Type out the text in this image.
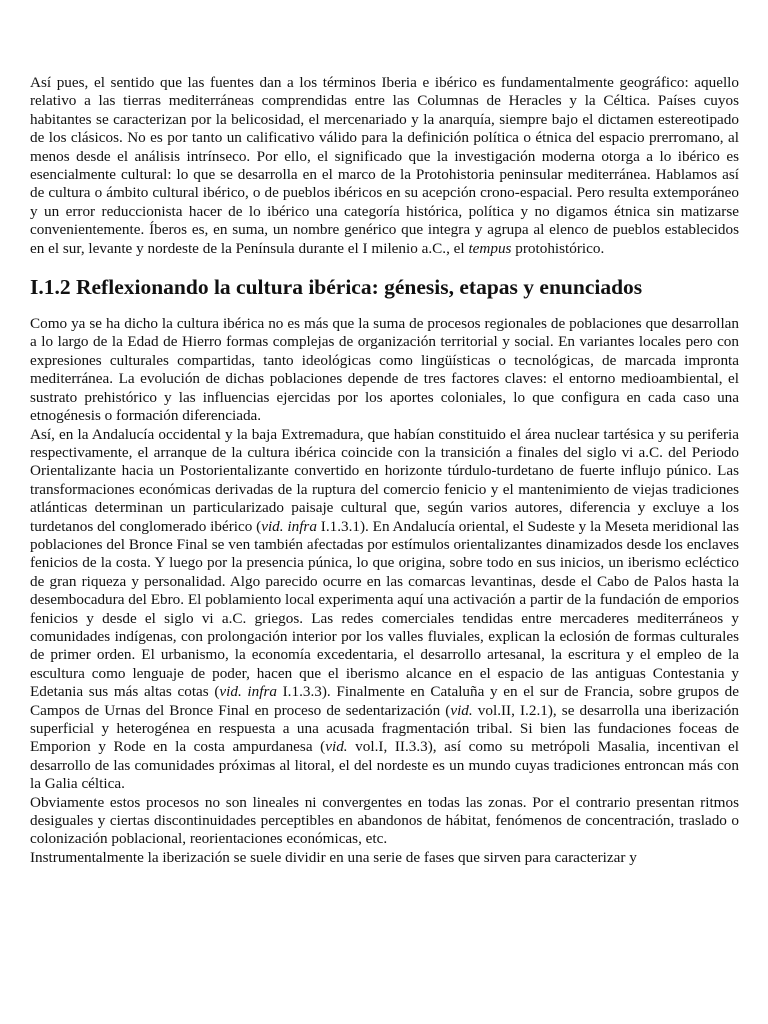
Así pues, el sentido que las fuentes dan a los términos Iberia e ibérico es fundamentalmente geográfico: aquello relativo a las tierras mediterráneas comprendidas entre las Columnas de Heracles y la Céltica. Países cuyos habitantes se caracterizan por la belicosidad, el mercenariado y la anarquía, siempre bajo el dictamen estereotipado de los clásicos. No es por tanto un calificativo válido para la definición política o étnica del espacio prerromano, al menos desde el análisis intrínseco. Por ello, el significado que la investigación moderna otorga a lo ibérico es esencialmente cultural: lo que se desarrolla en el marco de la Protohistoria peninsular mediterránea. Hablamos así de cultura o ámbito cultural ibérico, o de pueblos ibéricos en su acepción crono-espacial. Pero resulta extemporáneo y un error reduccionista hacer de lo ibérico una categoría histórica, política y no digamos étnica sin matizarse convenientemente. Íberos es, en suma, un nombre genérico que integra y agrupa al elenco de pueblos establecidos en el sur, levante y nordeste de la Península durante el I milenio a.C., el tempus protohistórico.

I.1.2 Reflexionando la cultura ibérica: génesis, etapas y enunciados

Como ya se ha dicho la cultura ibérica no es más que la suma de procesos regionales de poblaciones que desarrollan a lo largo de la Edad de Hierro formas complejas de organización territorial y social. En variantes locales pero con expresiones culturales compartidas, tanto ideológicas como lingüísticas o tecnológicas, de marcada impronta mediterránea. La evolución de dichas poblaciones depende de tres factores claves: el entorno medioambiental, el sustrato prehistórico y las influencias ejercidas por los aportes coloniales, lo que configura en cada caso una etnogénesis o formación diferenciada.

Así, en la Andalucía occidental y la baja Extremadura, que habían constituido el área nuclear tartésica y su periferia respectivamente, el arranque de la cultura ibérica coincide con la transición a finales del siglo vi a.C. del Periodo Orientalizante hacia un Postorientalizante convertido en horizonte túrdulo-turdetano de fuerte influjo púnico. Las transformaciones económicas derivadas de la ruptura del comercio fenicio y el mantenimiento de viejas tradiciones atlánticas determinan un particularizado paisaje cultural que, según varios autores, diferencia y excluye a los turdetanos del conglomerado ibérico (vid. infra I.1.3.1). En Andalucía oriental, el Sudeste y la Meseta meridional las poblaciones del Bronce Final se ven también afectadas por estímulos orientalizantes dinamizados desde los enclaves fenicios de la costa. Y luego por la presencia púnica, lo que origina, sobre todo en sus inicios, un iberismo ecléctico de gran riqueza y personalidad. Algo parecido ocurre en las comarcas levantinas, desde el Cabo de Palos hasta la desembocadura del Ebro. El poblamiento local experimenta aquí una activación a partir de la fundación de emporios fenicios y desde el siglo vi a.C. griegos. Las redes comerciales tendidas entre mercaderes mediterráneos y comunidades indígenas, con prolongación interior por los valles fluviales, explican la eclosión de formas culturales de primer orden. El urbanismo, la economía excedentaria, el desarrollo artesanal, la escritura y el empleo de la escultura como lenguaje de poder, hacen que el iberismo alcance en el espacio de las antiguas Contestania y Edetania sus más altas cotas (vid. infra I.1.3.3). Finalmente en Cataluña y en el sur de Francia, sobre grupos de Campos de Urnas del Bronce Final en proceso de sedentarización (vid. vol.II, I.2.1), se desarrolla una iberización superficial y heterogénea en respuesta a una acusada fragmentación tribal. Si bien las fundaciones foceas de Emporion y Rode en la costa ampurdanesa (vid. vol.I, II.3.3), así como su metrópoli Masalia, incentivan el desarrollo de las comunidades próximas al litoral, el del nordeste es un mundo cuyas tradiciones entroncan más con la Galia céltica.

Obviamente estos procesos no son lineales ni convergentes en todas las zonas. Por el contrario presentan ritmos desiguales y ciertas discontinuidades perceptibles en abandonos de hábitat, fenómenos de concentración, traslado o colonización poblacional, reorientaciones económicas, etc.

Instrumentalmente la iberización se suele dividir en una serie de fases que sirven para caracterizar y
